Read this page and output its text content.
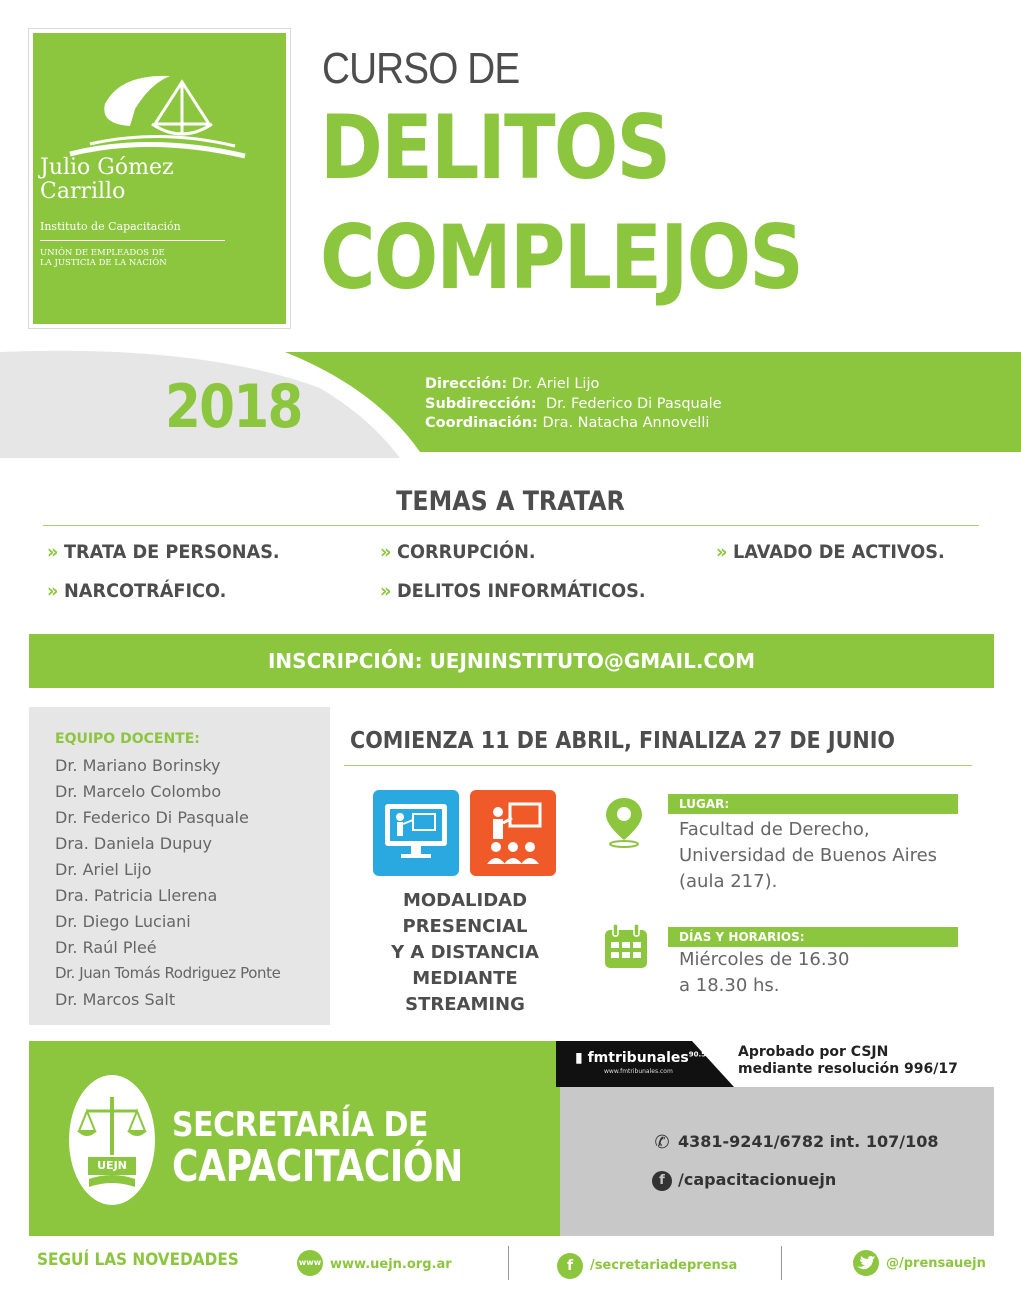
Julio Gómez
Carrillo
Instituto de Capacitación
UNIÓN DE EMPLEADOS DE
LA JUSTICIA DE LA NACIÓN
CURSO DE
DELITOS
COMPLEJOS
2018	Dirección: Dr. Ariel Lijo
Subdirección: Dr. Federico Di Pasquale
Coordinación: Dra. Natacha Annovelli
TEMAS A TRATAR
» TRATA DE PERSONAS.	» CORRUPCIÓN.	» LAVADO DE ACTIVOS.
» NARCOTRÁFICO.	» DELITOS INFORMÁTICOS.
INSCRIPCIÓN: UEJNINSTITUTO@GMAIL.COM
EQUIPO DOCENTE:
Dr. Mariano Borinsky
Dr. Marcelo Colombo
Dr. Federico Di Pasquale
Dra. Daniela Dupuy
Dr. Ariel Lijo
Dra. Patricia Llerena
Dr. Diego Luciani
Dr. Raúl Pleé
Dr. Juan Tomás Rodriguez Ponte
Dr. Marcos Salt
COMIENZA 11 DE ABRIL, FINALIZA 27 DE JUNIO
MODALIDAD
PRESENCIAL
Y A DISTANCIA
MEDIANTE
STREAMING
LUGAR:
Facultad de Derecho,
Universidad de Buenos Aires
(aula 217).
DÍAS Y HORARIOS:
Miércoles de 16.30
a 18.30 hs.
▮ fmtribunales$^{90.5}$
www.fmtribunales.com
Aprobado por CSJN
mediante resolución 996/17
UEJN
SECRETARÍA DE
CAPACITACIÓN	✆ 4381-9241/6782 int. 107/108
f /capacitacionuejn
SEGUÍ LAS NOVEDADES	www www.uejn.org.ar	f	/secretariadeprensa	@/prensauejn
